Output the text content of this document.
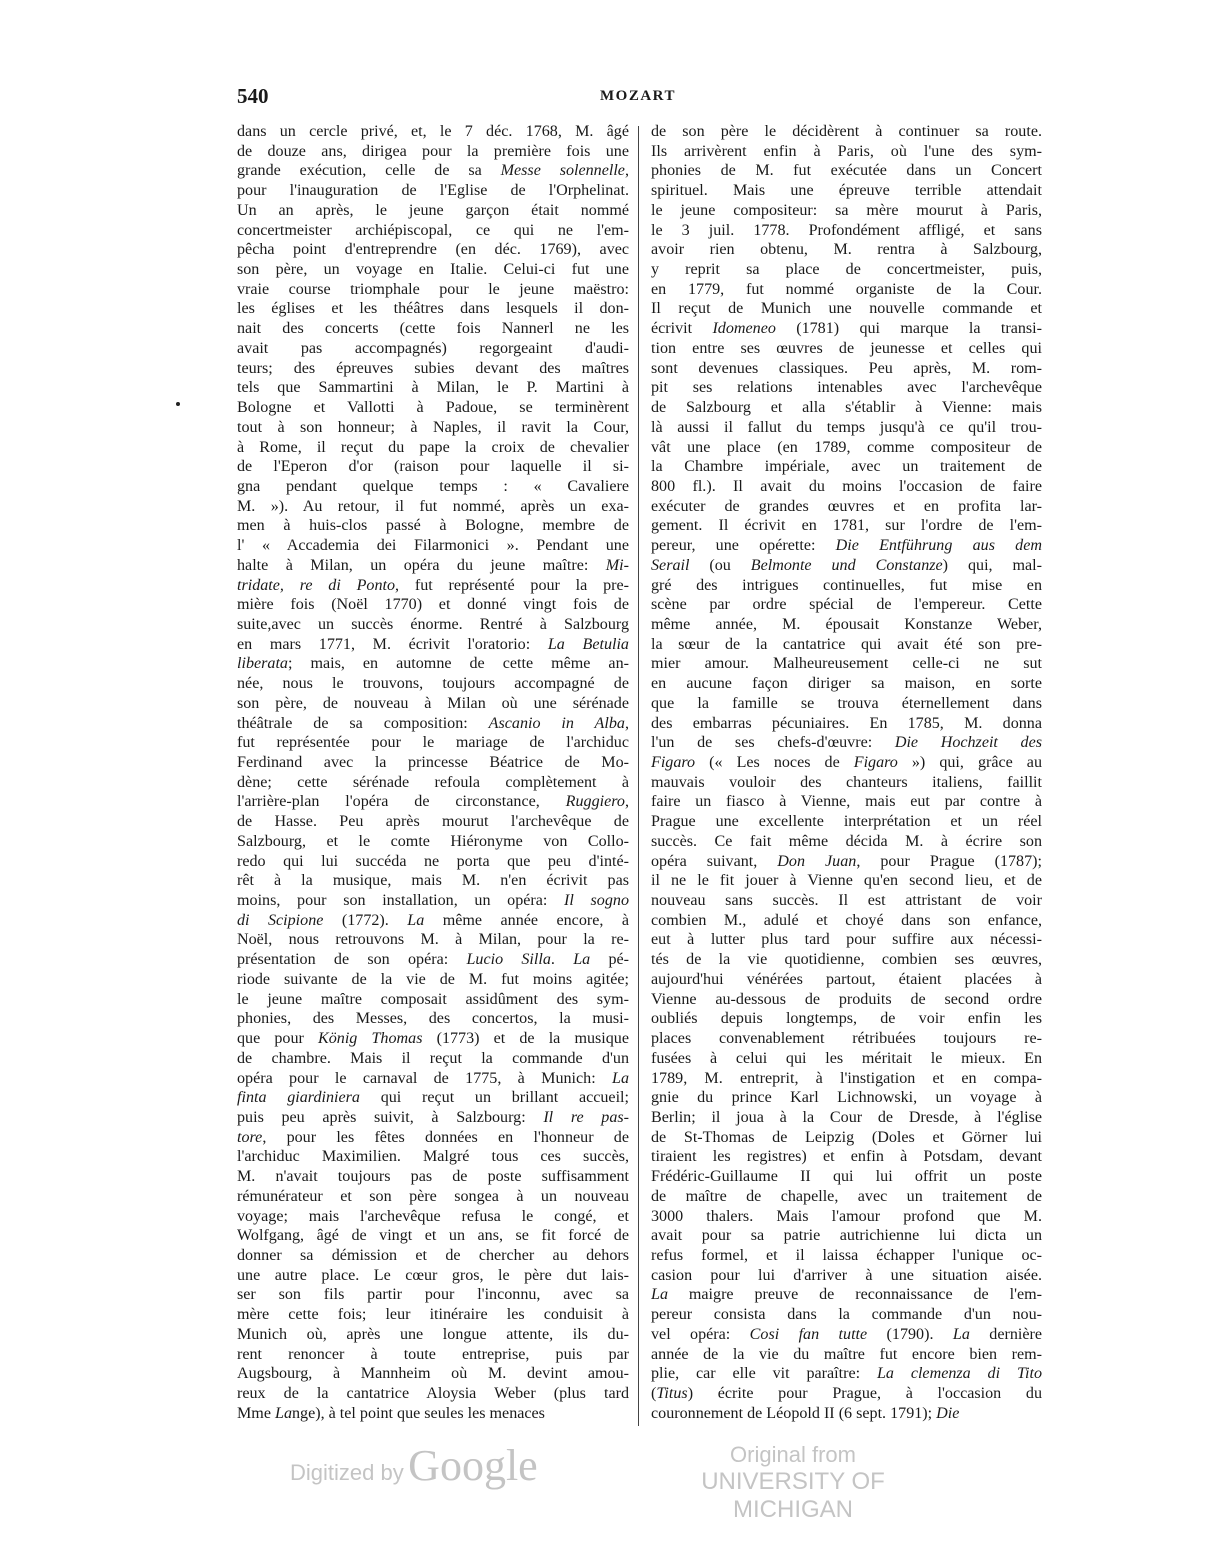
540	MOZART
dans un cercle privé, et, le 7 déc. 1768, M. âgé
de douze ans, dirigea pour la première fois une
grande exécution, celle de sa Messe solennelle,
pour l'inauguration de l'Eglise de l'Orphelinat.
Un an après, le jeune garçon était nommé
concertmeister archiépiscopal, ce qui ne l'em-
pêcha point d'entreprendre (en déc. 1769), avec
son père, un voyage en Italie. Celui-ci fut une
vraie course triomphale pour le jeune maëstro:
les églises et les théâtres dans lesquels il don-
nait des concerts (cette fois Nannerl ne les
avait pas accompagnés) regorgeaint d'audi-
teurs; des épreuves subies devant des maîtres
tels que Sammartini à Milan, le P. Martini à
Bologne et Vallotti à Padoue, se terminèrent
tout à son honneur; à Naples, il ravit la Cour,
à Rome, il reçut du pape la croix de chevalier
de l'Eperon d'or (raison pour laquelle il si-
gna pendant quelque temps : « Cavaliere
M. »). Au retour, il fut nommé, après un exa-
men à huis-clos passé à Bologne, membre de
l' « Accademia dei Filarmonici ». Pendant une
halte à Milan, un opéra du jeune maître: Mi-
tridate, re di Ponto, fut représenté pour la pre-
mière fois (Noël 1770) et donné vingt fois de
suite,avec un succès énorme. Rentré à Salzbourg
en mars 1771, M. écrivit l'oratorio: La Betulia
liberata; mais, en automne de cette même an-
née, nous le trouvons, toujours accompagné de
son père, de nouveau à Milan où une sérénade
théâtrale de sa composition: Ascanio in Alba,
fut représentée pour le mariage de l'archiduc
Ferdinand avec la princesse Béatrice de Mo-
dène; cette sérénade refoula complètement à
l'arrière-plan l'opéra de circonstance, Ruggiero,
de Hasse. Peu après mourut l'archevêque de
Salzbourg, et le comte Hiéronyme von Collo-
redo qui lui succéda ne porta que peu d'inté-
rêt à la musique, mais M. n'en écrivit pas
moins, pour son installation, un opéra: Il sogno
di Scipione (1772). La même année encore, à
Noël, nous retrouvons M. à Milan, pour la re-
présentation de son opéra: Lucio Silla. La pé-
riode suivante de la vie de M. fut moins agitée;
le jeune maître composait assidûment des sym-
phonies, des Messes, des concertos, la musi-
que pour König Thomas (1773) et de la musique
de chambre. Mais il reçut la commande d'un
opéra pour le carnaval de 1775, à Munich: La
finta giardiniera qui reçut un brillant accueil;
puis peu après suivit, à Salzbourg: Il re pas-
tore, pour les fêtes données en l'honneur de
l'archiduc Maximilien. Malgré tous ces succès,
M. n'avait toujours pas de poste suffisamment
rémunérateur et son père songea à un nouveau
voyage; mais l'archevêque refusa le congé, et
Wolfgang, âgé de vingt et un ans, se fit forcé de
donner sa démission et de chercher au dehors
une autre place. Le cœur gros, le père dut lais-
ser son fils partir pour l'inconnu, avec sa
mère cette fois; leur itinéraire les conduisit à
Munich où, après une longue attente, ils du-
rent renoncer à toute entreprise, puis par
Augsbourg, à Mannheim où M. devint amou-
reux de la cantatrice Aloysia Weber (plus tard
Mme Lange), à tel point que seules les menaces
de son père le décidèrent à continuer sa route.
Ils arrivèrent enfin à Paris, où l'une des sym-
phonies de M. fut exécutée dans un Concert
spirituel. Mais une épreuve terrible attendait
le jeune compositeur: sa mère mourut à Paris,
le 3 juil. 1778. Profondément affligé, et sans
avoir rien obtenu, M. rentra à Salzbourg,
y reprit sa place de concertmeister, puis,
en 1779, fut nommé organiste de la Cour.
Il reçut de Munich une nouvelle commande et
écrivit Idomeneo (1781) qui marque la transi-
tion entre ses œuvres de jeunesse et celles qui
sont devenues classiques. Peu après, M. rom-
pit ses relations intenables avec l'archevêque
de Salzbourg et alla s'établir à Vienne: mais
là aussi il fallut du temps jusqu'à ce qu'il trou-
vât une place (en 1789, comme compositeur de
la Chambre impériale, avec un traitement de
800 fl.). Il avait du moins l'occasion de faire
exécuter de grandes œuvres et en profita lar-
gement. Il écrivit en 1781, sur l'ordre de l'em-
pereur, une opérette: Die Entführung aus dem
Serail (ou Belmonte und Constanze) qui, mal-
gré des intrigues continuelles, fut mise en
scène par ordre spécial de l'empereur. Cette
même année, M. épousait Konstanze Weber,
la sœur de la cantatrice qui avait été son pre-
mier amour. Malheureusement celle-ci ne sut
en aucune façon diriger sa maison, en sorte
que la famille se trouva éternellement dans
des embarras pécuniaires. En 1785, M. donna
l'un de ses chefs-d'œuvre: Die Hochzeit des
Figaro (« Les noces de Figaro ») qui, grâce au
mauvais vouloir des chanteurs italiens, faillit
faire un fiasco à Vienne, mais eut par contre à
Prague une excellente interprétation et un réel
succès. Ce fait même décida M. à écrire son
opéra suivant, Don Juan, pour Prague (1787);
il ne le fit jouer à Vienne qu'en second lieu, et de
nouveau sans succès. Il est attristant de voir
combien M., adulé et choyé dans son enfance,
eut à lutter plus tard pour suffire aux nécessi-
tés de la vie quotidienne, combien ses œuvres,
aujourd'hui vénérées partout, étaient placées à
Vienne au-dessous de produits de second ordre
oubliés depuis longtemps, de voir enfin les
places convenablement rétribuées toujours re-
fusées à celui qui les méritait le mieux. En
1789, M. entreprit, à l'instigation et en compa-
gnie du prince Karl Lichnowski, un voyage à
Berlin; il joua à la Cour de Dresde, à l'église
de St-Thomas de Leipzig (Doles et Görner lui
tiraient les registres) et enfin à Potsdam, devant
Frédéric-Guillaume II qui lui offrit un poste
de maître de chapelle, avec un traitement de
3000 thalers. Mais l'amour profond que M.
avait pour sa patrie autrichienne lui dicta un
refus formel, et il laissa échapper l'unique oc-
casion pour lui d'arriver à une situation aisée.
La maigre preuve de reconnaissance de l'em-
pereur consista dans la commande d'un nou-
vel opéra: Cosi fan tutte (1790). La dernière
année de la vie du maître fut encore bien rem-
plie, car elle vit paraître: La clemenza di Tito
(Titus) écrite pour Prague, à l'occasion du
couronnement de Léopold II (6 sept. 1791); Die
Digitized by Google	Original from
UNIVERSITY OF MICHIGAN
